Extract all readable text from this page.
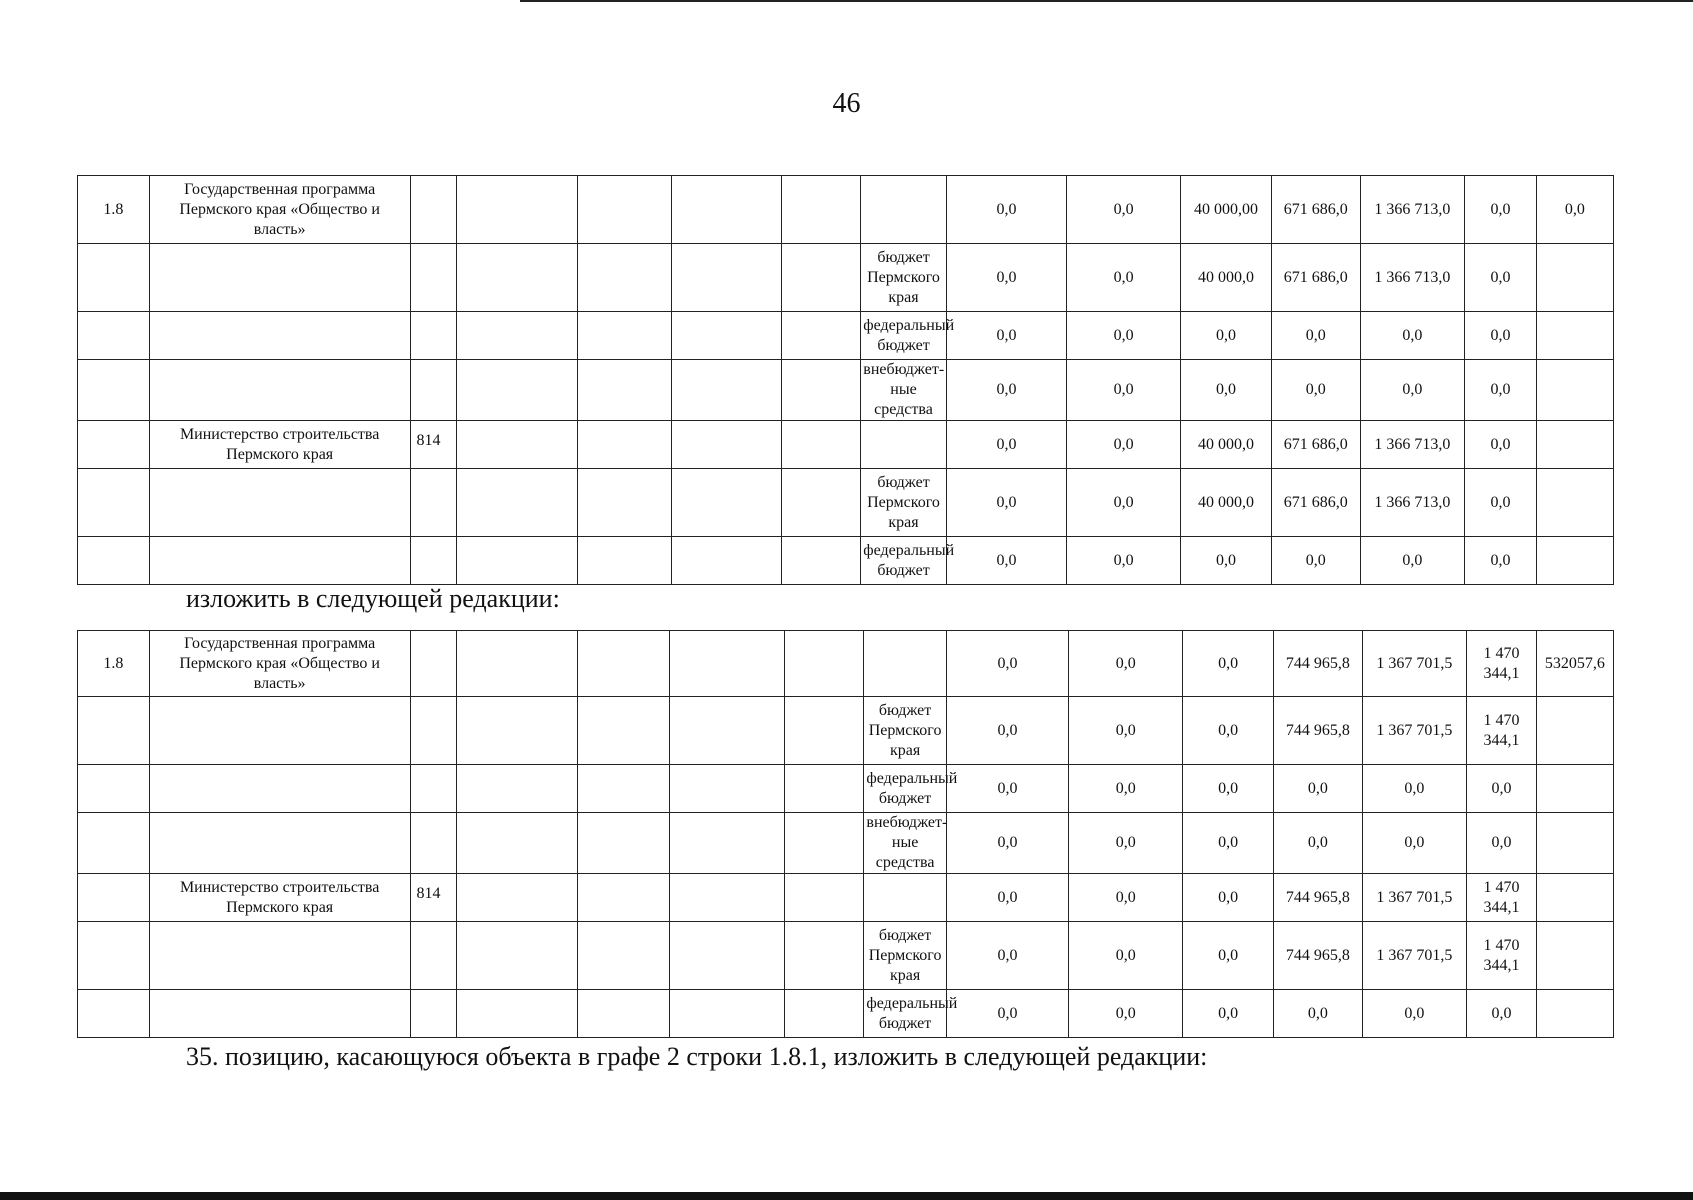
46
1.8	Государственная программа Пермского края «Общество и власть»							0,0	0,0	40 000,00	671 686,0	1 366 713,0	0,0	0,0
							бюджет Пермского края	0,0	0,0	40 000,0	671 686,0	1 366 713,0	0,0	
							федеральный бюджет	0,0	0,0	0,0	0,0	0,0	0,0	
							внебюджет-ные средства	0,0	0,0	0,0	0,0	0,0	0,0	
	Министерство строительства Пермского края	814						0,0	0,0	40 000,0	671 686,0	1 366 713,0	0,0	
							бюджет Пермского края	0,0	0,0	40 000,0	671 686,0	1 366 713,0	0,0	
							федеральный бюджет	0,0	0,0	0,0	0,0	0,0	0,0	
изложить в следующей редакции:
1.8	Государственная программа Пермского края «Общество и власть»							0,0	0,0	0,0	744 965,8	1 367 701,5	1 470 344,1	532057,6
							бюджет Пермского края	0,0	0,0	0,0	744 965,8	1 367 701,5	1 470 344,1	
							федеральный бюджет	0,0	0,0	0,0	0,0	0,0	0,0	
							внебюджет-ные средства	0,0	0,0	0,0	0,0	0,0	0,0	
	Министерство строительства Пермского края	814						0,0	0,0	0,0	744 965,8	1 367 701,5	1 470 344,1	
							бюджет Пермского края	0,0	0,0	0,0	744 965,8	1 367 701,5	1 470 344,1	
							федеральный бюджет	0,0	0,0	0,0	0,0	0,0	0,0	
35. позицию, касающуюся объекта в графе 2 строки 1.8.1, изложить в следующей редакции:
